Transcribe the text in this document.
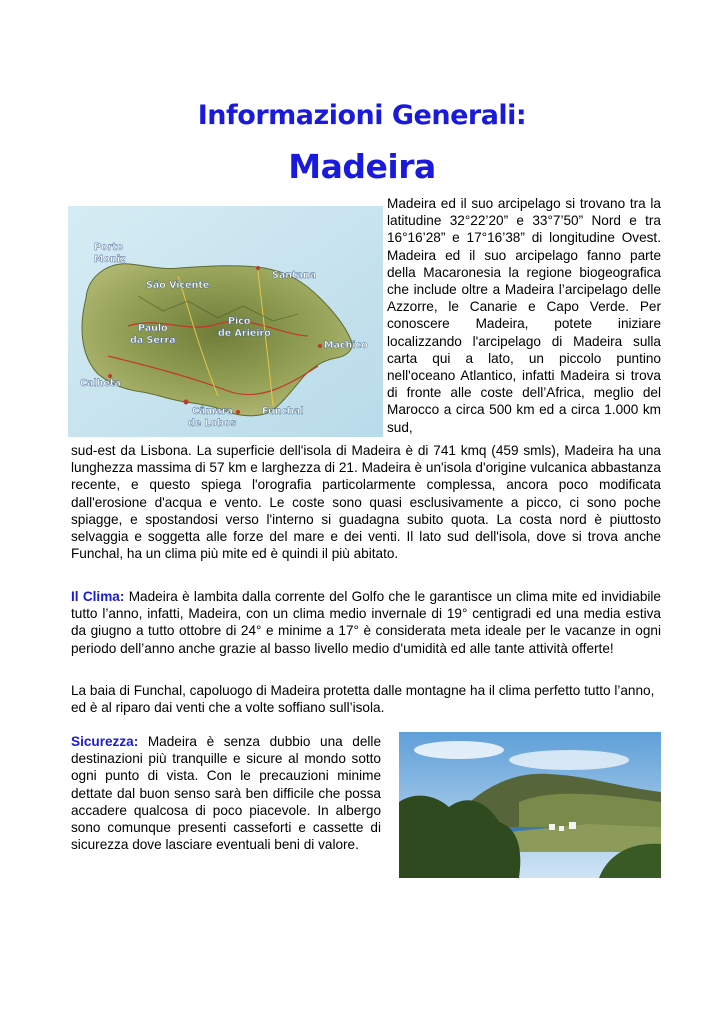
Informazioni Generali:
Madeira
Porto
Moniz
São Vicente
Santana
Paulo
da Serra
Pico
de Arieiro
Machico
Calheta
Câmara
de Lobos
Funchal

Madeira ed il suo arcipelago si trovano tra la latitudine 32°22’20” e 33°7’50” Nord e tra 16°16’28” e 17°16’38” di longitudine Ovest. Madeira ed il suo arcipelago fanno parte della Macaronesia la regione biogeografica che include oltre a Madeira l’arcipelago delle Azzorre, le Canarie e Capo Verde. Per conoscere Madeira, potete iniziare localizzando l'arcipelago di Madeira sulla carta qui a lato, un piccolo puntino nell'oceano Atlantico, infatti Madeira si trova di fronte alle coste dell’Africa, meglio del Marocco a circa 500 km ed a circa 1.000 km sud,

sud-est da Lisbona. La superficie dell'isola di Madeira è di 741 kmq (459 smls), Madeira ha una lunghezza massima di 57 km e larghezza di 21. Madeira è un'isola d'origine vulcanica abbastanza recente, e questo spiega l'orografia particolarmente complessa, ancora poco modificata dall'erosione d'acqua e vento. Le coste sono quasi esclusivamente a picco, ci sono poche spiagge, e spostandosi verso l'interno si guadagna subito quota. La costa nord è piuttosto selvaggia e soggetta alle forze del mare e dei venti. Il lato sud dell'isola, dove si trova anche Funchal, ha un clima più mite ed è quindi il più abitato.

Il Clima: Madeira è lambita dalla corrente del Golfo che le garantisce un clima mite ed invidiabile tutto l’anno, infatti, Madeira, con un clima medio invernale di 19° centigradi ed una media estiva da giugno a tutto ottobre di 24° e minime a 17° è considerata meta ideale per le vacanze in ogni periodo dell’anno anche grazie al basso livello medio d'umidità ed alle tante attività offerte!

La baia di Funchal, capoluogo di Madeira protetta dalle montagne ha il clima perfetto tutto l’anno, ed è al riparo dai venti che a volte soffiano sull’isola.

Sicurezza: Madeira è senza dubbio una delle destinazioni più tranquille e sicure al mondo sotto ogni punto di vista. Con le precauzioni minime dettate dal buon senso sarà ben difficile che possa accadere qualcosa di poco piacevole. In albergo sono comunque presenti casseforti e cassette di sicurezza dove lasciare eventuali beni di valore.
